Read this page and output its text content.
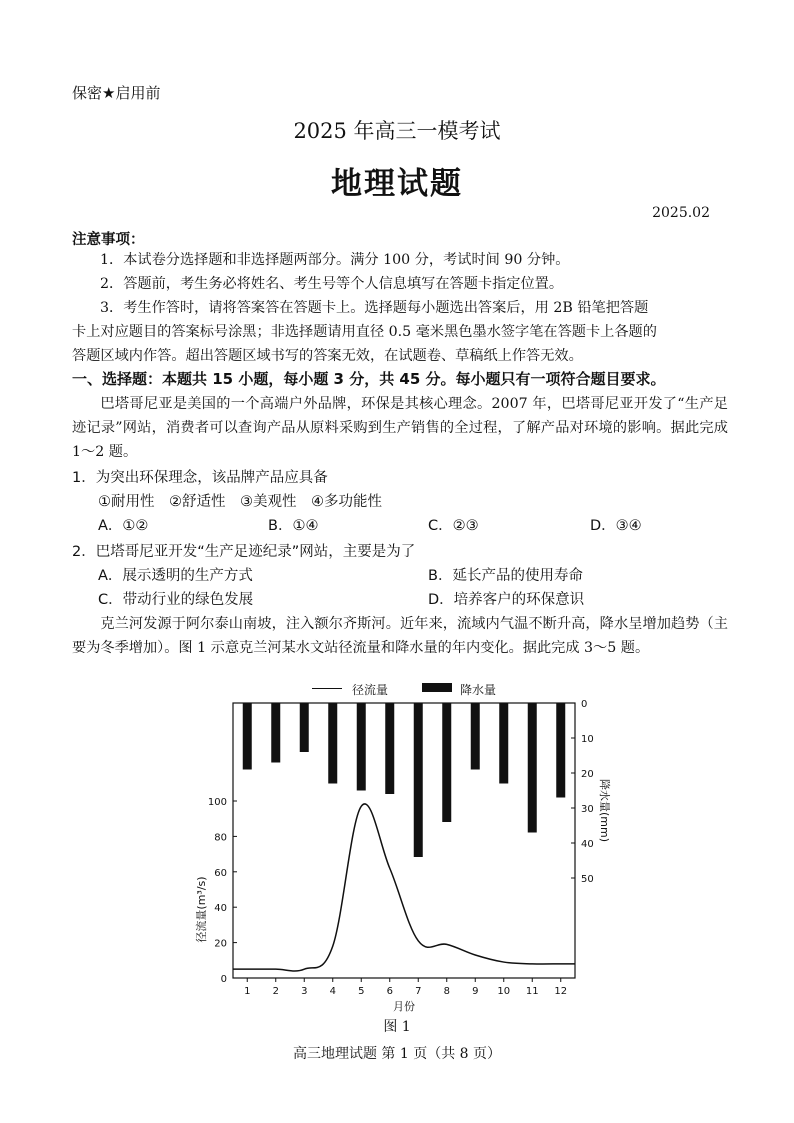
保密★启用前
2025 年高三一模考试
地理试题
2025.02
注意事项：
1．本试卷分选择题和非选择题两部分。满分 100 分，考试时间 90 分钟。
2．答题前，考生务必将姓名、考生号等个人信息填写在答题卡指定位置。
3．考生作答时，请将答案答在答题卡上。选择题每小题选出答案后，用 2B 铅笔把答题
卡上对应题目的答案标号涂黑；非选择题请用直径 0.5 毫米黑色墨水签字笔在答题卡上各题的
答题区域内作答。超出答题区域书写的答案无效，在试题卷、草稿纸上作答无效。
一、选择题：本题共 15 小题，每小题 3 分，共 45 分。每小题只有一项符合题目要求。
巴塔哥尼亚是美国的一个高端户外品牌，环保是其核心理念。2007 年，巴塔哥尼亚开发了“生产足迹记录”网站，消费者可以查询产品从原料采购到生产销售的全过程，了解产品对环境的影响。据此完成 1～2 题。
1．为突出环保理念，该品牌产品应具备
①耐用性　②舒适性　③美观性　④多功能性
A．①②	B．①④	C．②③	D．③④
2．巴塔哥尼亚开发“生产足迹纪录”网站，主要是为了
A．展示透明的生产方式	B．延长产品的使用寿命
C．带动行业的绿色发展	D．培养客户的环保意识
克兰河发源于阿尔泰山南坡，注入额尔齐斯河。近年来，流域内气温不断升高，降水呈增加趋势（主要为冬季增加）。图 1 示意克兰河某水文站径流量和降水量的年内变化。据此完成 3～5 题。
径流量	降水量
1 2 3 4 5 6 7 8 9 10 11 12
0
20
40
60
80
100
0
10
20
30
40
50
月份
径流量(m³/s)
降水量(mm)
图 1
高三地理试题 第 1 页（共 8 页）
